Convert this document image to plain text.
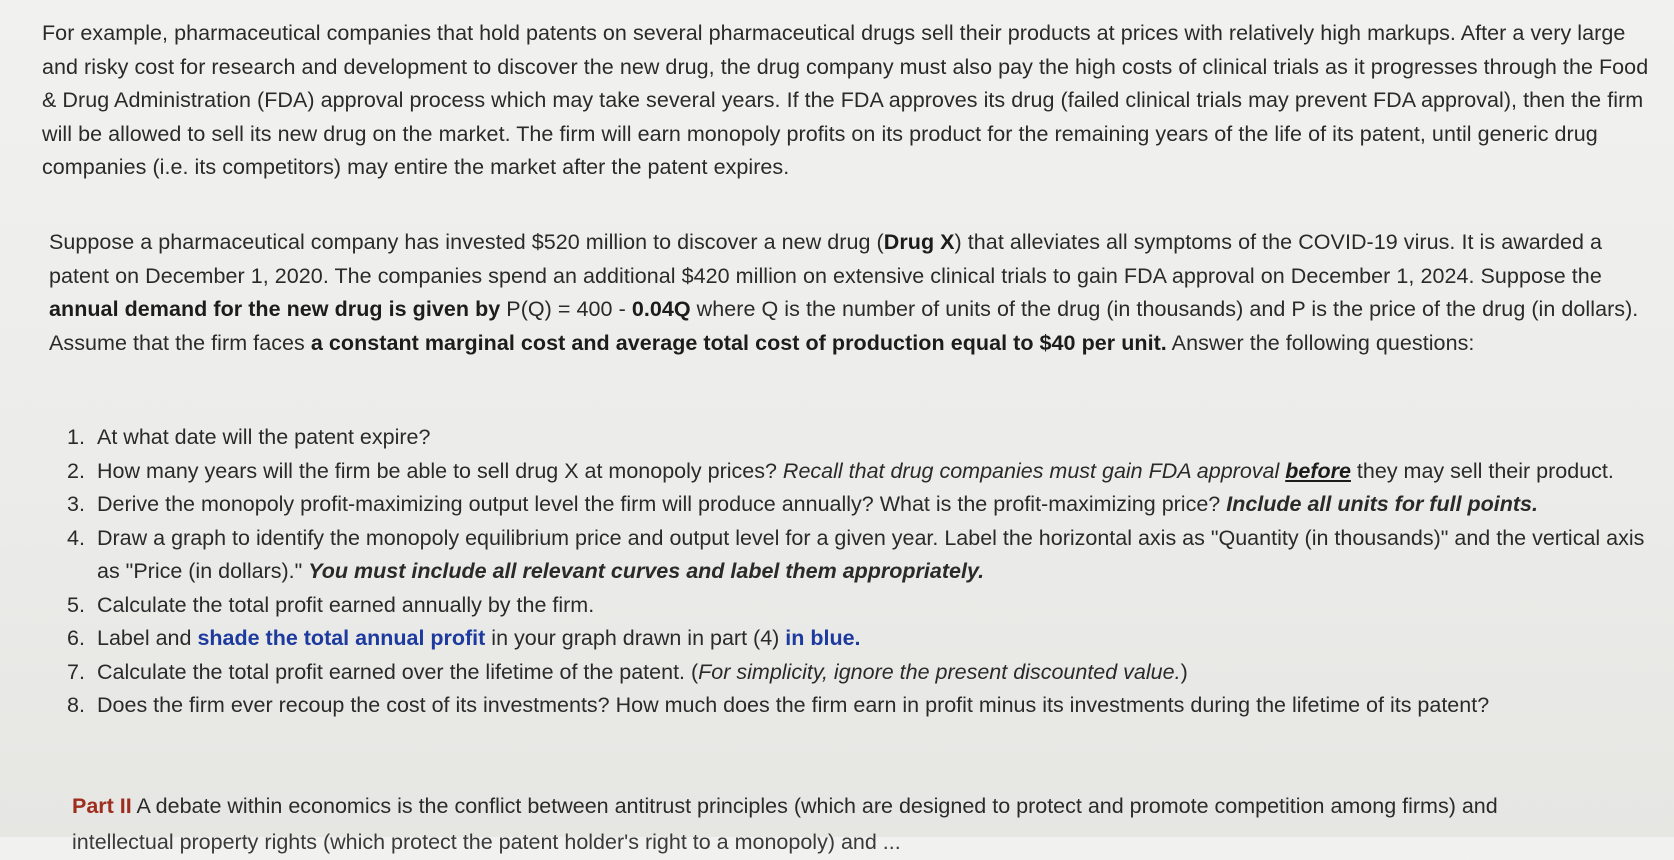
For example, pharmaceutical companies that hold patents on several pharmaceutical drugs sell their products at prices with relatively high markups. After a very large and risky cost for research and development to discover the new drug, the drug company must also pay the high costs of clinical trials as it progresses through the Food & Drug Administration (FDA) approval process which may take several years. If the FDA approves its drug (failed clinical trials may prevent FDA approval), then the firm will be allowed to sell its new drug on the market. The firm will earn monopoly profits on its product for the remaining years of the life of its patent, until generic drug companies (i.e. its competitors) may entire the market after the patent expires.

Suppose a pharmaceutical company has invested $520 million to discover a new drug (Drug X) that alleviates all symptoms of the COVID-19 virus. It is awarded a patent on December 1, 2020. The companies spend an additional $420 million on extensive clinical trials to gain FDA approval on December 1, 2024. Suppose the annual demand for the new drug is given by P(Q) = 400 - 0.04Q where Q is the number of units of the drug (in thousands) and P is the price of the drug (in dollars). Assume that the firm faces a constant marginal cost and average total cost of production equal to $40 per unit. Answer the following questions:

1. At what date will the patent expire?
2. How many years will the firm be able to sell drug X at monopoly prices? Recall that drug companies must gain FDA approval before they may sell their product.
3. Derive the monopoly profit-maximizing output level the firm will produce annually? What is the profit-maximizing price? Include all units for full points.
4. Draw a graph to identify the monopoly equilibrium price and output level for a given year. Label the horizontal axis as "Quantity (in thousands)" and the vertical axis as "Price (in dollars)." You must include all relevant curves and label them appropriately.
5. Calculate the total profit earned annually by the firm.
6. Label and shade the total annual profit in your graph drawn in part (4) in blue.
7. Calculate the total profit earned over the lifetime of the patent. (For simplicity, ignore the present discounted value.)
8. Does the firm ever recoup the cost of its investments? How much does the firm earn in profit minus its investments during the lifetime of its patent?
Part II A debate within economics is the conflict between antitrust principles (which are designed to protect and promote competition among firms) and
intellectual property rights (which protect the patent holder's right to a monopoly) and ...
